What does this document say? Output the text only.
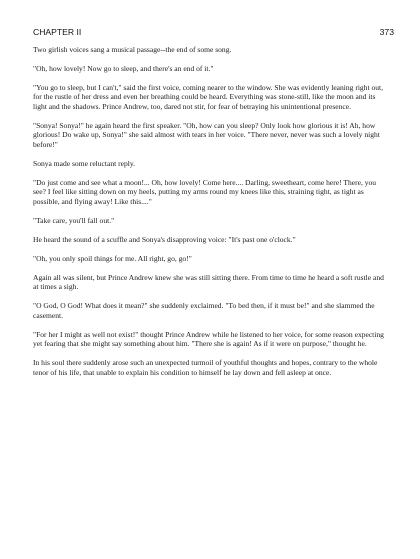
CHAPTER II	373

Two girlish voices sang a musical passage--the end of some song.

"Oh, how lovely! Now go to sleep, and there's an end of it."

"You go to sleep, but I can't," said the first voice, coming nearer to the window. She was evidently leaning right out, for the rustle of her dress and even her breathing could be heard. Everything was stone-still, like the moon and its light and the shadows. Prince Andrew, too, dared not stir, for fear of betraying his unintentional presence.

"Sonya! Sonya!" he again heard the first speaker. "Oh, how can you sleep? Only look how glorious it is! Ah, how glorious! Do wake up, Sonya!" she said almost with tears in her voice. "There never, never was such a lovely night before!"

Sonya made some reluctant reply.

"Do just come and see what a moon!... Oh, how lovely! Come here.... Darling, sweetheart, come here! There, you see? I feel like sitting down on my heels, putting my arms round my knees like this, straining tight, as tight as possible, and flying away! Like this...."

"Take care, you'll fall out."

He heard the sound of a scuffle and Sonya's disapproving voice: "It's past one o'clock."

"Oh, you only spoil things for me. All right, go, go!"

Again all was silent, but Prince Andrew knew she was still sitting there. From time to time he heard a soft rustle and at times a sigh.

"O God, O God! What does it mean?" she suddenly exclaimed. "To bed then, if it must be!" and she slammed the casement.

"For her I might as well not exist!" thought Prince Andrew while he listened to her voice, for some reason expecting yet fearing that she might say something about him. "There she is again! As if it were on purpose," thought he.

In his soul there suddenly arose such an unexpected turmoil of youthful thoughts and hopes, contrary to the whole tenor of his life, that unable to explain his condition to himself he lay down and fell asleep at once.
